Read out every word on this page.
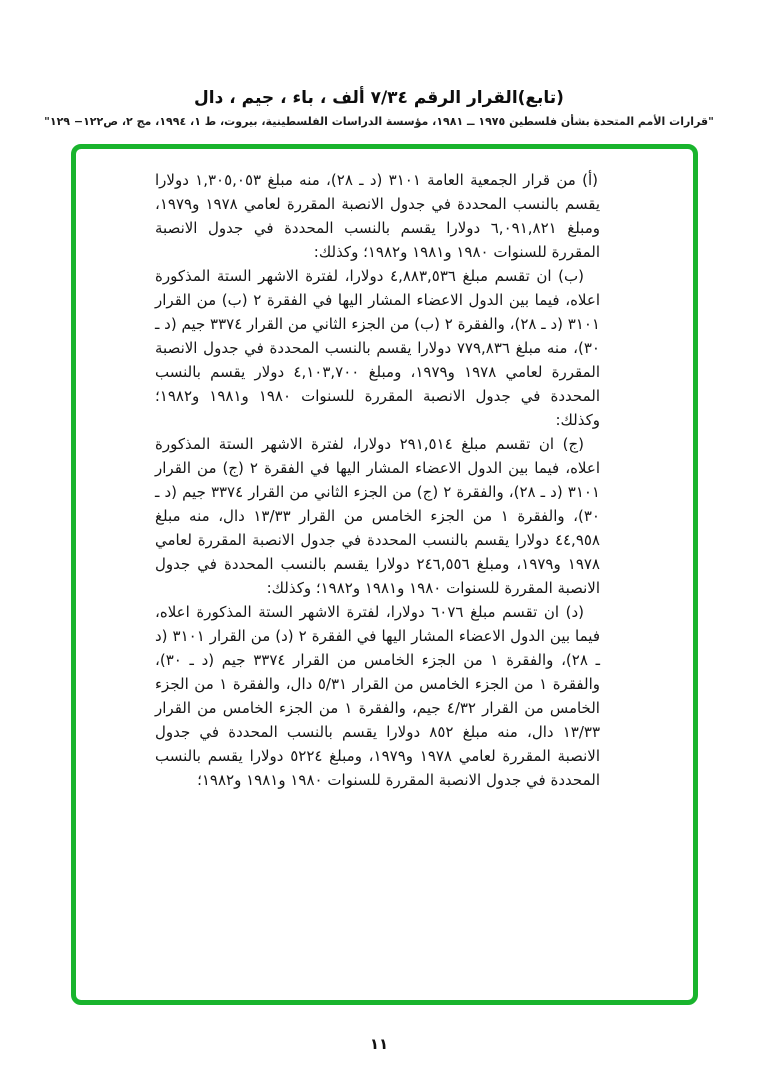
(تابع)القرار الرقم ٧/٣٤ ألف ، باء ، جيم ، دال
"قرارات الأمم المتحدة بشأن فلسطين ١٩٧٥ ــ ١٩٨١، مؤسسة الدراسات الفلسطينية، بيروت، ط ١، ١٩٩٤، مج ٢، ص١٢٢− ١٢٩"

(أ) من قرار الجمعية العامة ٣١٠١ (د ـ ٢٨)، منه مبلغ ١,٣٠٥,٠٥٣ دولارا يقسم بالنسب المحددة في جدول الانصبة المقررة لعامي ١٩٧٨ و١٩٧٩، ومبلغ ٦,٠٩١,٨٢١ دولارا يقسم بالنسب المحددة في جدول الانصبة المقررة للسنوات ١٩٨٠ و١٩٨١ و١٩٨٢؛ وكذلك:

(ب) ان تقسم مبلغ ٤,٨٨٣,٥٣٦ دولارا، لفترة الاشهر الستة المذكورة اعلاه، فيما بين الدول الاعضاء المشار اليها في الفقرة ٢ (ب) من القرار ٣١٠١ (د ـ ٢٨)، والفقرة ٢ (ب) من الجزء الثاني من القرار ٣٣٧٤ جيم (د ـ ٣٠)، منه مبلغ ٧٧٩,٨٣٦ دولارا يقسم بالنسب المحددة في جدول الانصبة المقررة لعامي ١٩٧٨ و١٩٧٩، ومبلغ ٤,١٠٣,٧٠٠ دولار يقسم بالنسب المحددة في جدول الانصبة المقررة للسنوات ١٩٨٠ و١٩٨١ و١٩٨٢؛ وكذلك:

(ج) ان تقسم مبلغ ٢٩١,٥١٤ دولارا، لفترة الاشهر الستة المذكورة اعلاه، فيما بين الدول الاعضاء المشار اليها في الفقرة ٢ (ج) من القرار ٣١٠١ (د ـ ٢٨)، والفقرة ٢ (ج) من الجزء الثاني من القرار ٣٣٧٤ جيم (د ـ ٣٠)، والفقرة ١ من الجزء الخامس من القرار ١٣/٣٣ دال، منه مبلغ ٤٤,٩٥٨ دولارا يقسم بالنسب المحددة في جدول الانصبة المقررة لعامي ١٩٧٨ و١٩٧٩، ومبلغ ٢٤٦,٥٥٦ دولارا يقسم بالنسب المحددة في جدول الانصبة المقررة للسنوات ١٩٨٠ و١٩٨١ و١٩٨٢؛ وكذلك:

(د) ان تقسم مبلغ ٦٠٧٦ دولارا، لفترة الاشهر الستة المذكورة اعلاه، فيما بين الدول الاعضاء المشار اليها في الفقرة ٢ (د) من القرار ٣١٠١ (د ـ ٢٨)، والفقرة ١ من الجزء الخامس من القرار ٣٣٧٤ جيم (د ـ ٣٠)، والفقرة ١ من الجزء الخامس من القرار ٥/٣١ دال، والفقرة ١ من الجزء الخامس من القرار ٤/٣٢ جيم، والفقرة ١ من الجزء الخامس من القرار ١٣/٣٣ دال، منه مبلغ ٨٥٢ دولارا يقسم بالنسب المحددة في جدول الانصبة المقررة لعامي ١٩٧٨ و١٩٧٩، ومبلغ ٥٢٢٤ دولارا يقسم بالنسب المحددة في جدول الانصبة المقررة للسنوات ١٩٨٠ و١٩٨١ و١٩٨٢؛

١١
